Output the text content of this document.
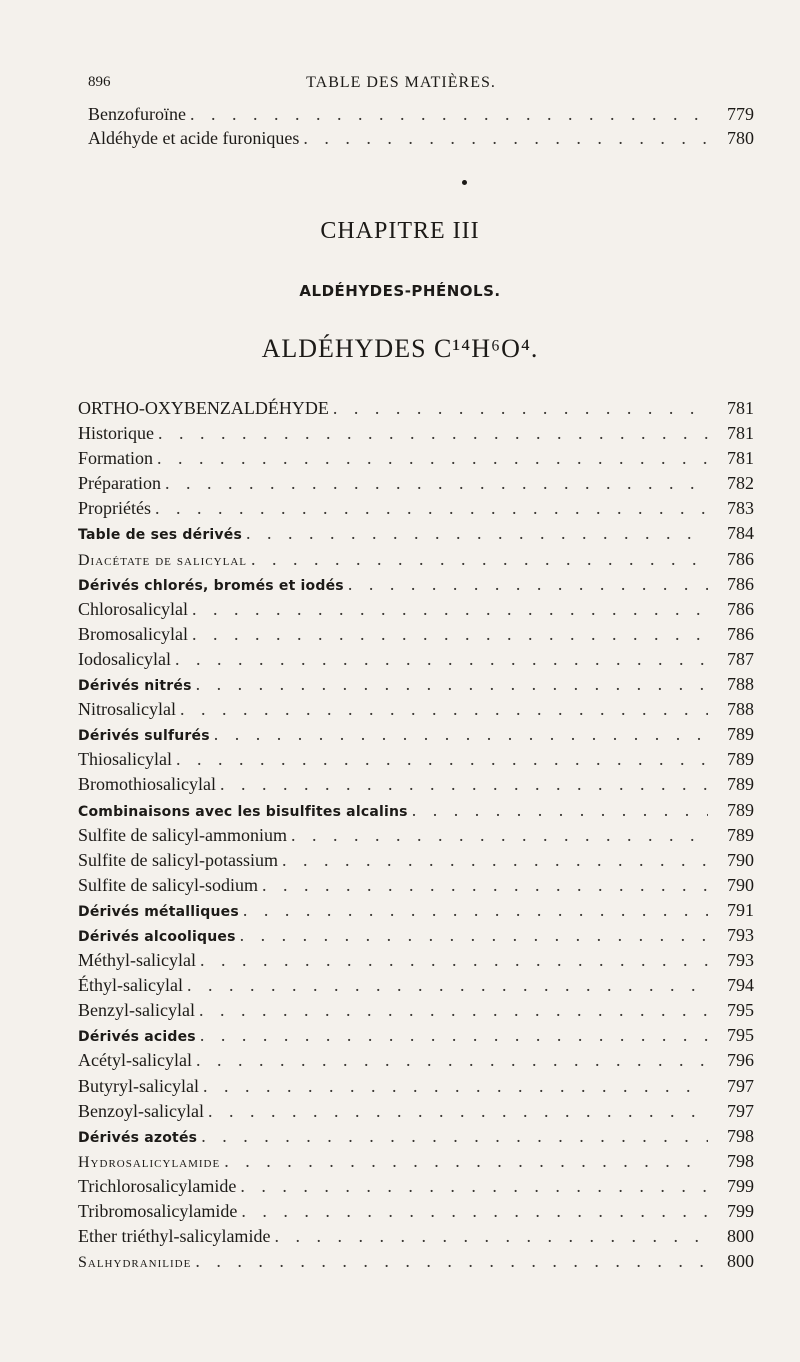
896	TABLE DES MATIÈRES.
Benzofuroïne . . .	779
Aldéhyde et acide furoniques . . .	780
CHAPITRE III
ALDÉHYDES-PHÉNOLS.
ALDÉHYDES C¹⁴H⁶O⁴.
ORTHO-OXYBENZALDÉHYDE . . .	781
Historique . . .	781
Formation . . .	781
Préparation . . .	782
Propriétés . . .	783
Table de ses dérivés . . .	784
Diacétate de salicylal . . .	786
Dérivés chlorés, bromés et iodés . . .	786
Chlorosalicylal . . .	786
Bromosalicylal . . .	786
Iodosalicylal . . .	787
Dérivés nitrés . . .	788
Nitrosalicylal . . .	788
Dérivés sulfurés . . .	789
Thiosalicylal . . .	789
Bromothiosalicylal . . .	789
Combinaisons avec les bisulfites alcalins . . .	789
Sulfite de salicyl-ammonium . . .	789
Sulfite de salicyl-potassium . . .	790
Sulfite de salicyl-sodium . . .	790
Dérivés métalliques . . .	791
Dérivés alcooliques . . .	793
Méthyl-salicylal . . .	793
Éthyl-salicylal . . .	794
Benzyl-salicylal . . .	795
Dérivés acides . . .	795
Acétyl-salicylal . . .	796
Butyryl-salicylal . . .	797
Benzoyl-salicylal . . .	797
Dérivés azotés . . .	798
Hydrosalicylamide . . .	798
Trichlorosalicylamide . . .	799
Tribromosalicylamide . . .	799
Ether triéthyl-salicylamide . . .	800
Salhydranilide . . .	800
